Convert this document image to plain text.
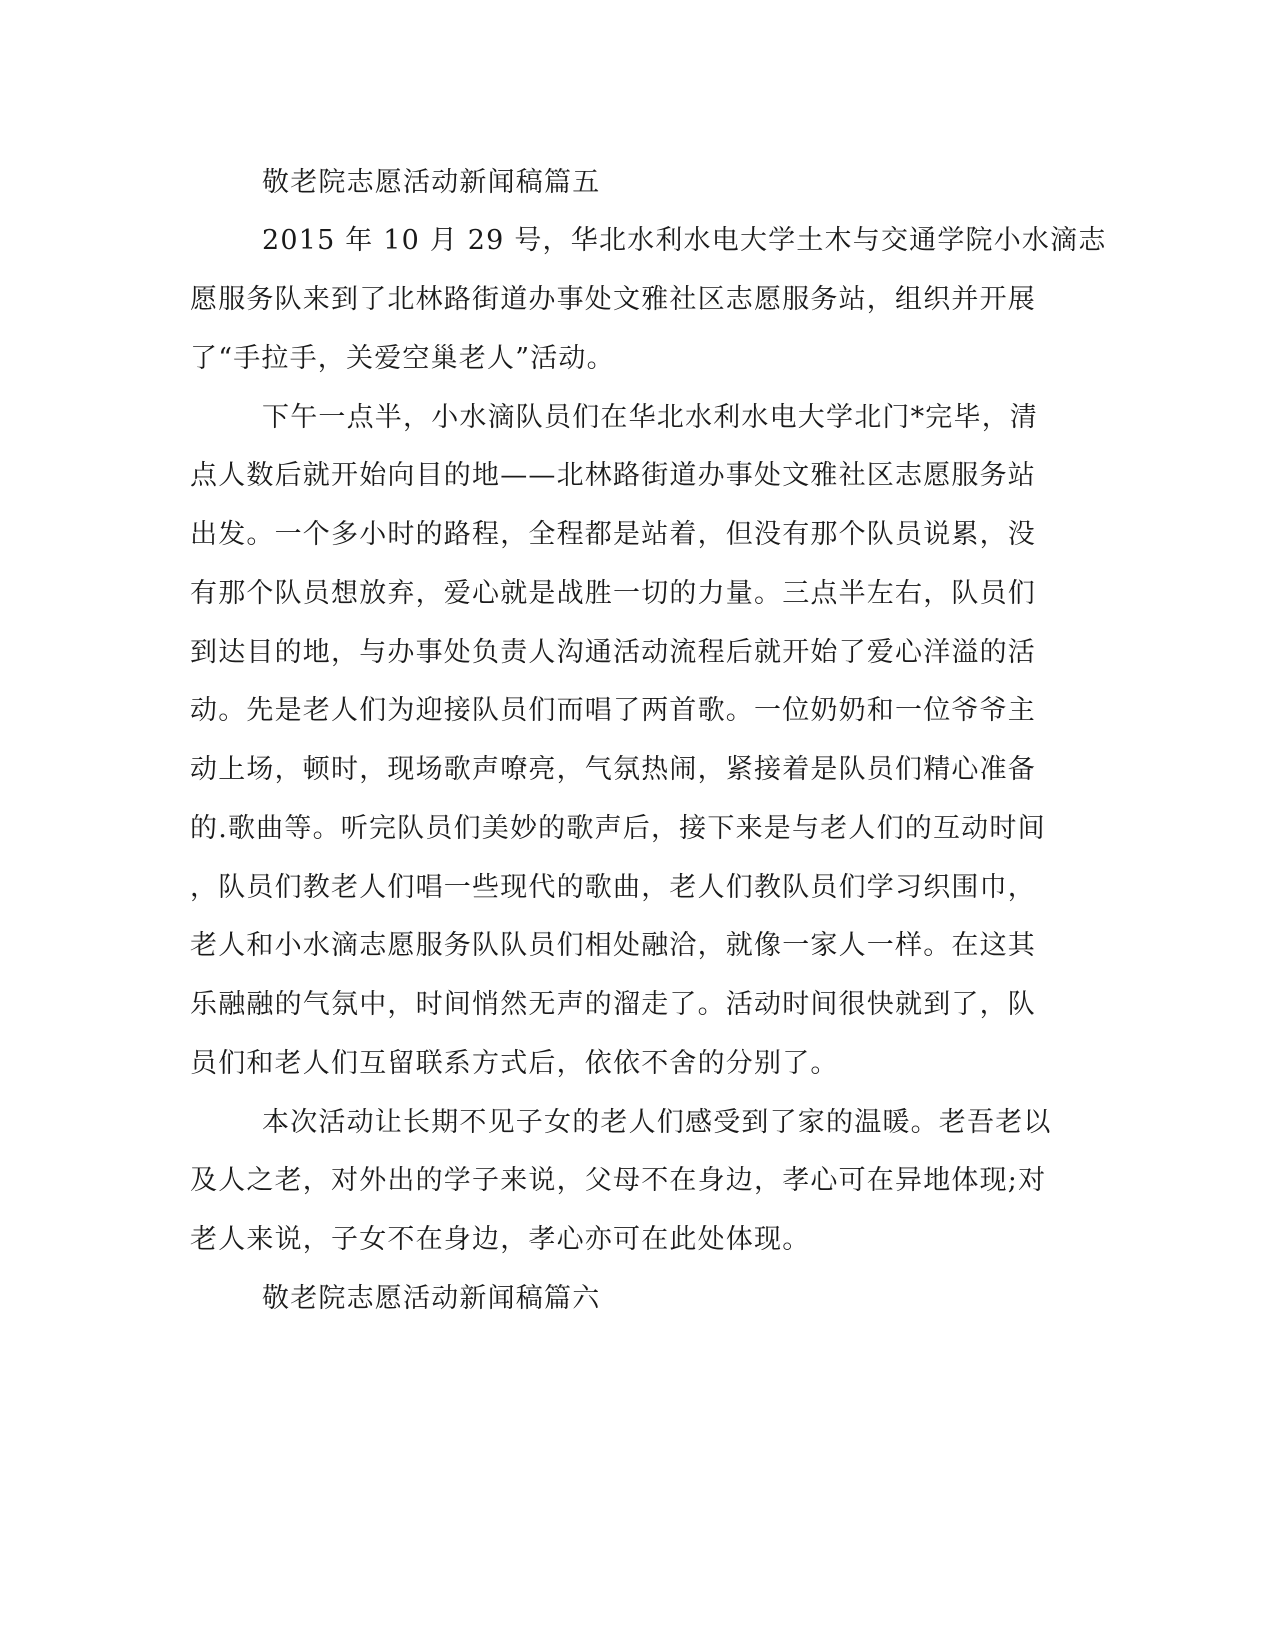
敬老院志愿活动新闻稿篇五
2015 年 10 月 29 号，华北水利水电大学土木与交通学院小水滴志
愿服务队来到了北林路街道办事处文雅社区志愿服务站，组织并开展
了“手拉手，关爱空巢老人”活动。
下午一点半，小水滴队员们在华北水利水电大学北门*完毕，清
点人数后就开始向目的地——北林路街道办事处文雅社区志愿服务站
出发。一个多小时的路程，全程都是站着，但没有那个队员说累，没
有那个队员想放弃，爱心就是战胜一切的力量。三点半左右，队员们
到达目的地，与办事处负责人沟通活动流程后就开始了爱心洋溢的活
动。先是老人们为迎接队员们而唱了两首歌。一位奶奶和一位爷爷主
动上场，顿时，现场歌声嘹亮，气氛热闹，紧接着是队员们精心准备
的.歌曲等。听完队员们美妙的歌声后，接下来是与老人们的互动时间
，队员们教老人们唱一些现代的歌曲，老人们教队员们学习织围巾，
老人和小水滴志愿服务队队员们相处融洽，就像一家人一样。在这其
乐融融的气氛中，时间悄然无声的溜走了。活动时间很快就到了，队
员们和老人们互留联系方式后，依依不舍的分别了。
本次活动让长期不见子女的老人们感受到了家的温暖。老吾老以
及人之老，对外出的学子来说，父母不在身边，孝心可在异地体现;对
老人来说，子女不在身边，孝心亦可在此处体现。
敬老院志愿活动新闻稿篇六
